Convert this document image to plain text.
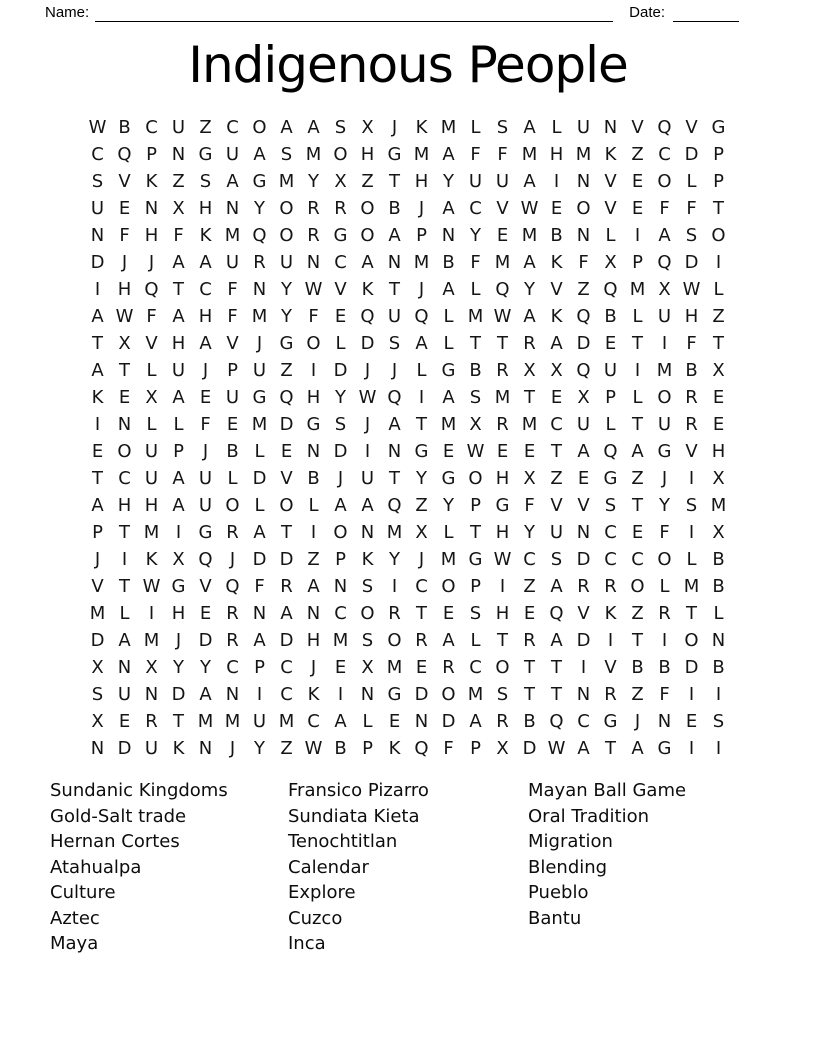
Name:	Date:
Indigenous People
W B C U Z C O A A S X	J	K M L S A L U N V Q V G
C Q P N G U A S M O H G M A F F M H M K Z C D P
S V K Z S A G M Y X Z T H Y U U A	I N V E O L P
U E N X H N Y O R R O B	J	A C V W E O V E F F T
N F H F K M Q O R G O A P N Y E M B N L	I	A S O
D J	J	A A U R U N C A N M B F M A K F X P Q D I
I H Q T C F N Y W V K T	J	A L Q Y V Z Q M X W L
A W F A H F M Y F E Q U Q L M W A K Q B L U H Z
T X V H A V	J G O L D S A L T T R A D E T	I	F T
A T L U J	P U Z	I D J	J	L G B R X X Q U I M B X
K E X A E U G Q H Y W Q I	A S M T E X P L O R E
I N L L F E M D G S	J	A T M X R M C U L T U R E
E O U P	J	B L E N D I N G E W E E T A Q A G V H
T C U A U L D V B	J U T Y G O H X Z E G Z	J	I	X
A H H A U O L O L A A Q Z Y P G F V V S T Y S M
P T M I G R A T	I O N M X L T H Y U N C E F	I	X
J	I	K X Q J D D Z P K Y	J M G W C S D C C O L B
V T W G V Q F R A N S	I	C O P	I	Z A R R O L M B
M L	I H E R N A N C O R T E S H E Q V K Z R T L
D A M J D R A D H M S O R A L T R A D I	T	I O N
X N X Y Y C P C	J	E X M E R C O T T	I	V B B D B
S U N D A N I	C K	I N G D O M S T T N R Z F	I	I
X E R T M M U M C A L E N D A R B Q C G J N E S
N D U K N J	Y Z W B P K Q F P X D W A T A G I	I
Sundanic Kingdoms
Gold-Salt trade
Hernan Cortes
Atahualpa
Culture
Aztec
Maya
Fransico Pizarro
Sundiata Kieta
Tenochtitlan
Calendar
Explore
Cuzco
Inca
Mayan Ball Game
Oral Tradition
Migration
Blending
Pueblo
Bantu
